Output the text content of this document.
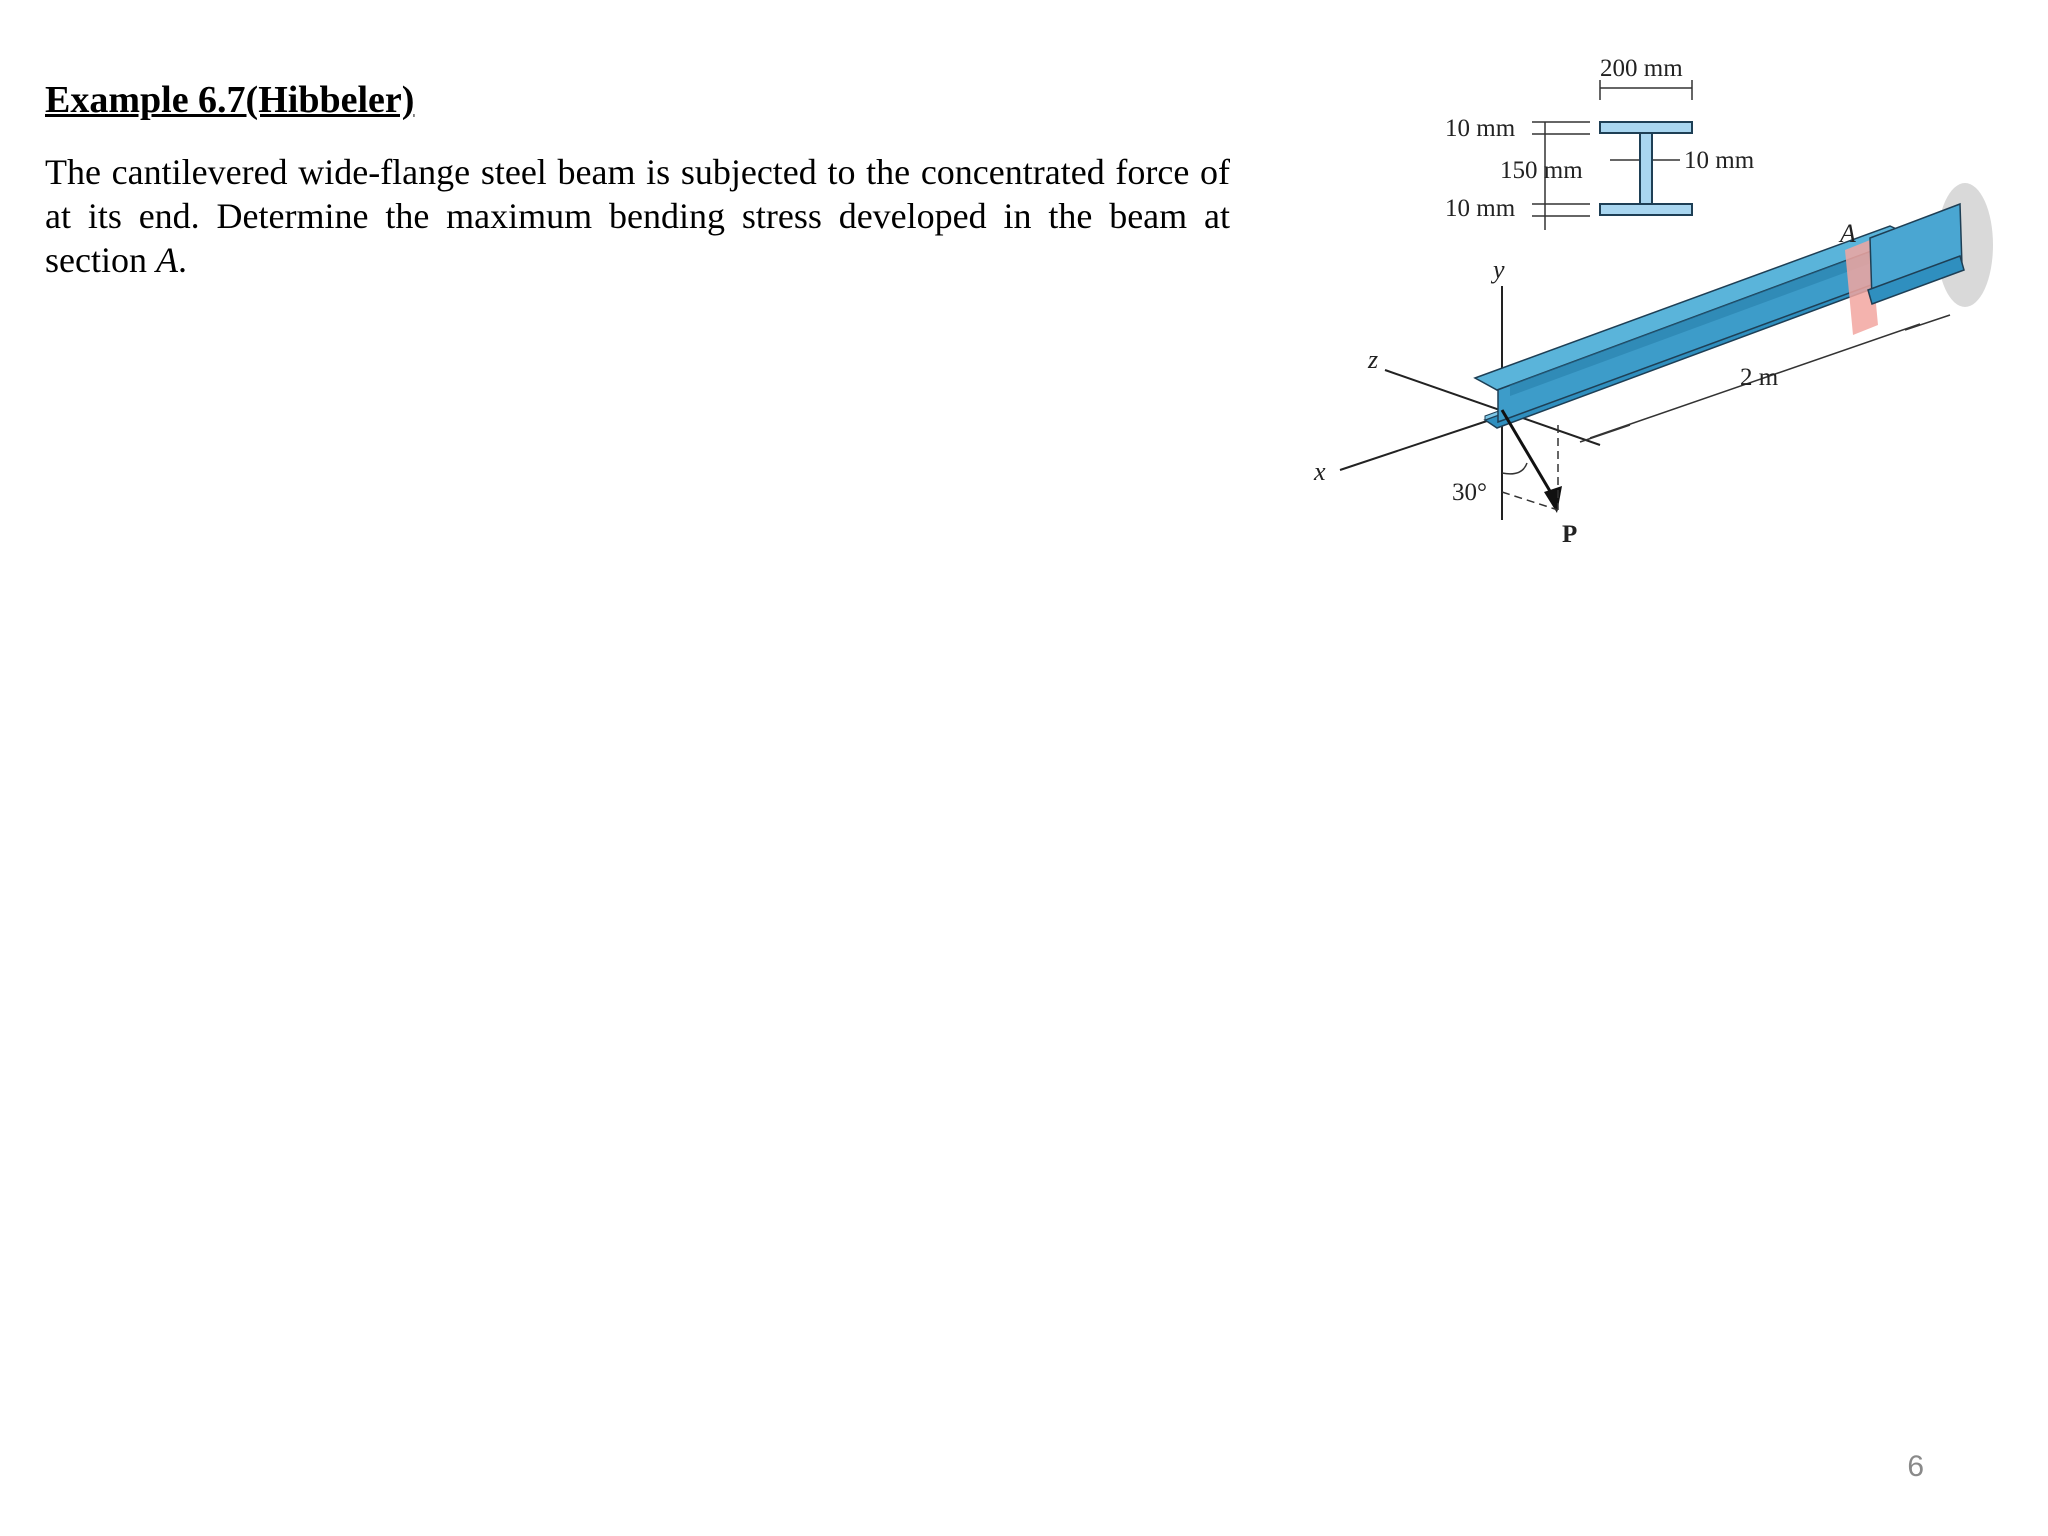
Example 6.7(Hibbeler)

The cantilevered wide-flange steel beam is subjected to the concentrated force of at its end. Determine the maximum bending stress developed in the beam at section A.

200 mm
10 mm
150 mm
10 mm
10 mm
y
z
x
A
2 m
30°
P
6
